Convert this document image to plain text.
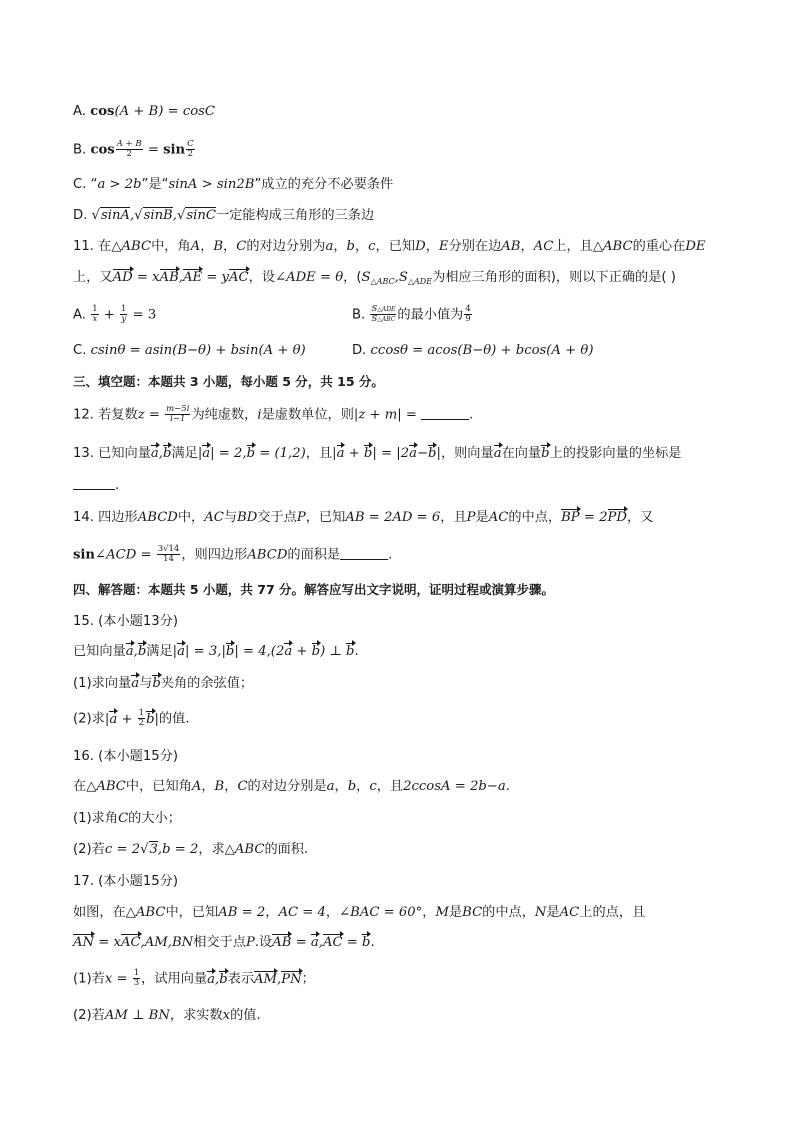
A. cos(A + B) = cosC
B. $\cos \frac{A + B}{2} = \sin \frac{C}{2}$
C. “a > 2b”是“sinA > sin2B”成立的充分不必要条件
D. √sinA,√sinB,√sinC一定能构成三角形的三条边
11. 在△ABC中，角A，B，C的对边分别为a，b，c，已知D，E分别在边AB，AC上，且△ABC的重心在DE
上，又AD = xAB,AE = yAC，设∠ADE = θ，($S_{\triangle ABC},S_{\triangle ADE}$为相应三角形的面积)，则以下正确的是( )
A. $\frac{1}{x} + \frac{1}{y} = 3$	B. $\frac{\text{S△ADE}}{\text{S△ABC}}$ 的最小值为 $\frac{4}{9}$
C. csinθ = asin(B−θ) + bsin(A + θ)	D. ccosθ = acos(B−θ) + bcos(A + θ)
三、填空题：本题共 3 小题，每小题 5 分，共 15 分。
12. 若复数$z = \frac{m-5i}{i-1}$ 为纯虚数，i是虚数单位，则|z + m| =	.
13. 已知向量a,b满足|a| = 2,b = (1,2)，且|a + b| = |2a−b|，则向量a在向量b上的投影向量的坐标是
.
14. 四边形ABCD中，AC与BD交于点P，已知AB = 2AD = 6，且P是AC的中点，BP = 2PD，又
sin∠ACD = $\frac{3√14}{14}$ ，则四边形ABCD的面积是	.
四、解答题：本题共 5 小题，共 77 分。解答应写出文字说明，证明过程或演算步骤。
15. (本小题13分)
已知向量a,b满足|a| = 3,|b| = 4,(2a + b) ⊥ b.
(1)求向量a与b夹角的余弦值；
(2)求$|a + \frac{1}{2} b|$的值.
16. (本小题15分)
在△ABC中，已知角A，B，C的对边分别是a，b，c，且2ccosA = 2b−a.
(1)求角C的大小；
(2)若c = 2√3,b = 2，求△ABC的面积.
17. (本小题15分)
如图，在△ABC中，已知AB = 2，AC = 4，∠BAC = 60°，M是BC的中点，N是AC上的点，且
AN = xAC,AM,BN相交于点P.设AB = a,AC = b.
(1)若$x = \frac{1}{3}$ ，试用向量a,b表示AM,PN；
(2)若AM ⊥ BN，求实数x的值.
